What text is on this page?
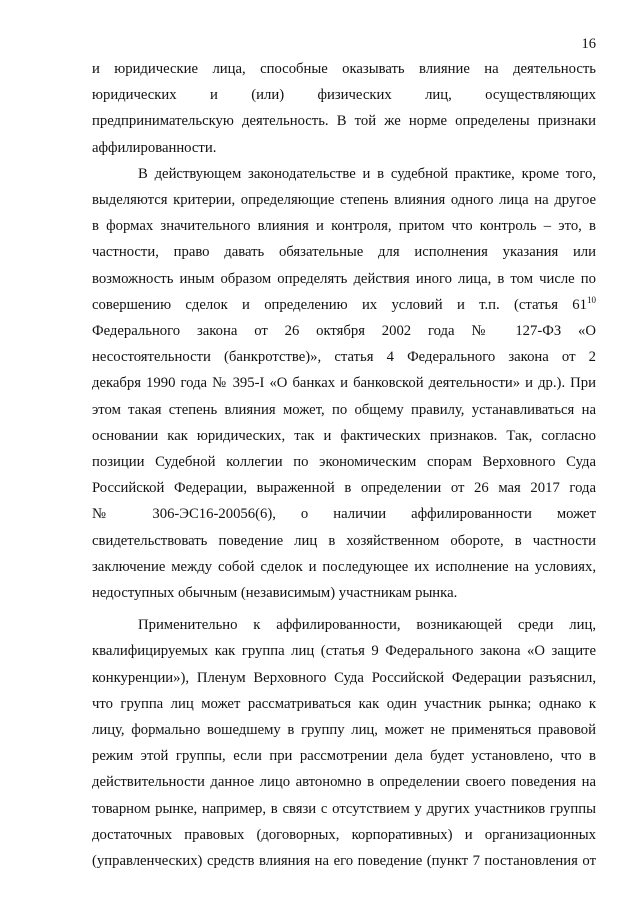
16

и юридические лица, способные оказывать влияние на деятельность
юридических и (или) физических лиц, осуществляющих
предпринимательскую деятельность. В той же норме определены признаки
аффилированности.

В действующем законодательстве и в судебной практике, кроме того,
выделяются критерии, определяющие степень влияния одного лица на другое
в формах значительного влияния и контроля, притом что контроль – это, в
частности, право давать обязательные для исполнения указания или
возможность иным образом определять действия иного лица, в том числе по
совершению сделок и определению их условий и т.п. (статья $61^{10}$
Федерального закона от 26 октября 2002 года № 127-ФЗ «О
несостоятельности (банкротстве)», статья 4 Федерального закона от 2
декабря 1990 года № 395-I «О банках и банковской деятельности» и др.). При
этом такая степень влияния может, по общему правилу, устанавливаться на
основании как юридических, так и фактических признаков. Так, согласно
позиции Судебной коллегии по экономическим спорам Верховного Суда
Российской Федерации, выраженной в определении от 26 мая 2017 года
№ 306-ЭС16-20056(6), о наличии аффилированности может
свидетельствовать поведение лиц в хозяйственном обороте, в частности
заключение между собой сделок и последующее их исполнение на условиях,
недоступных обычным (независимым) участникам рынка.

Применительно к аффилированности, возникающей среди лиц,
квалифицируемых как группа лиц (статья 9 Федерального закона «О защите
конкуренции»), Пленум Верховного Суда Российской Федерации разъяснил,
что группа лиц может рассматриваться как один участник рынка; однако к
лицу, формально вошедшему в группу лиц, может не применяться правовой
режим этой группы, если при рассмотрении дела будет установлено, что в
действительности данное лицо автономно в определении своего поведения на
товарном рынке, например, в связи с отсутствием у других участников группы
достаточных правовых (договорных, корпоративных) и организационных
(управленческих) средств влияния на его поведение (пункт 7 постановления от
